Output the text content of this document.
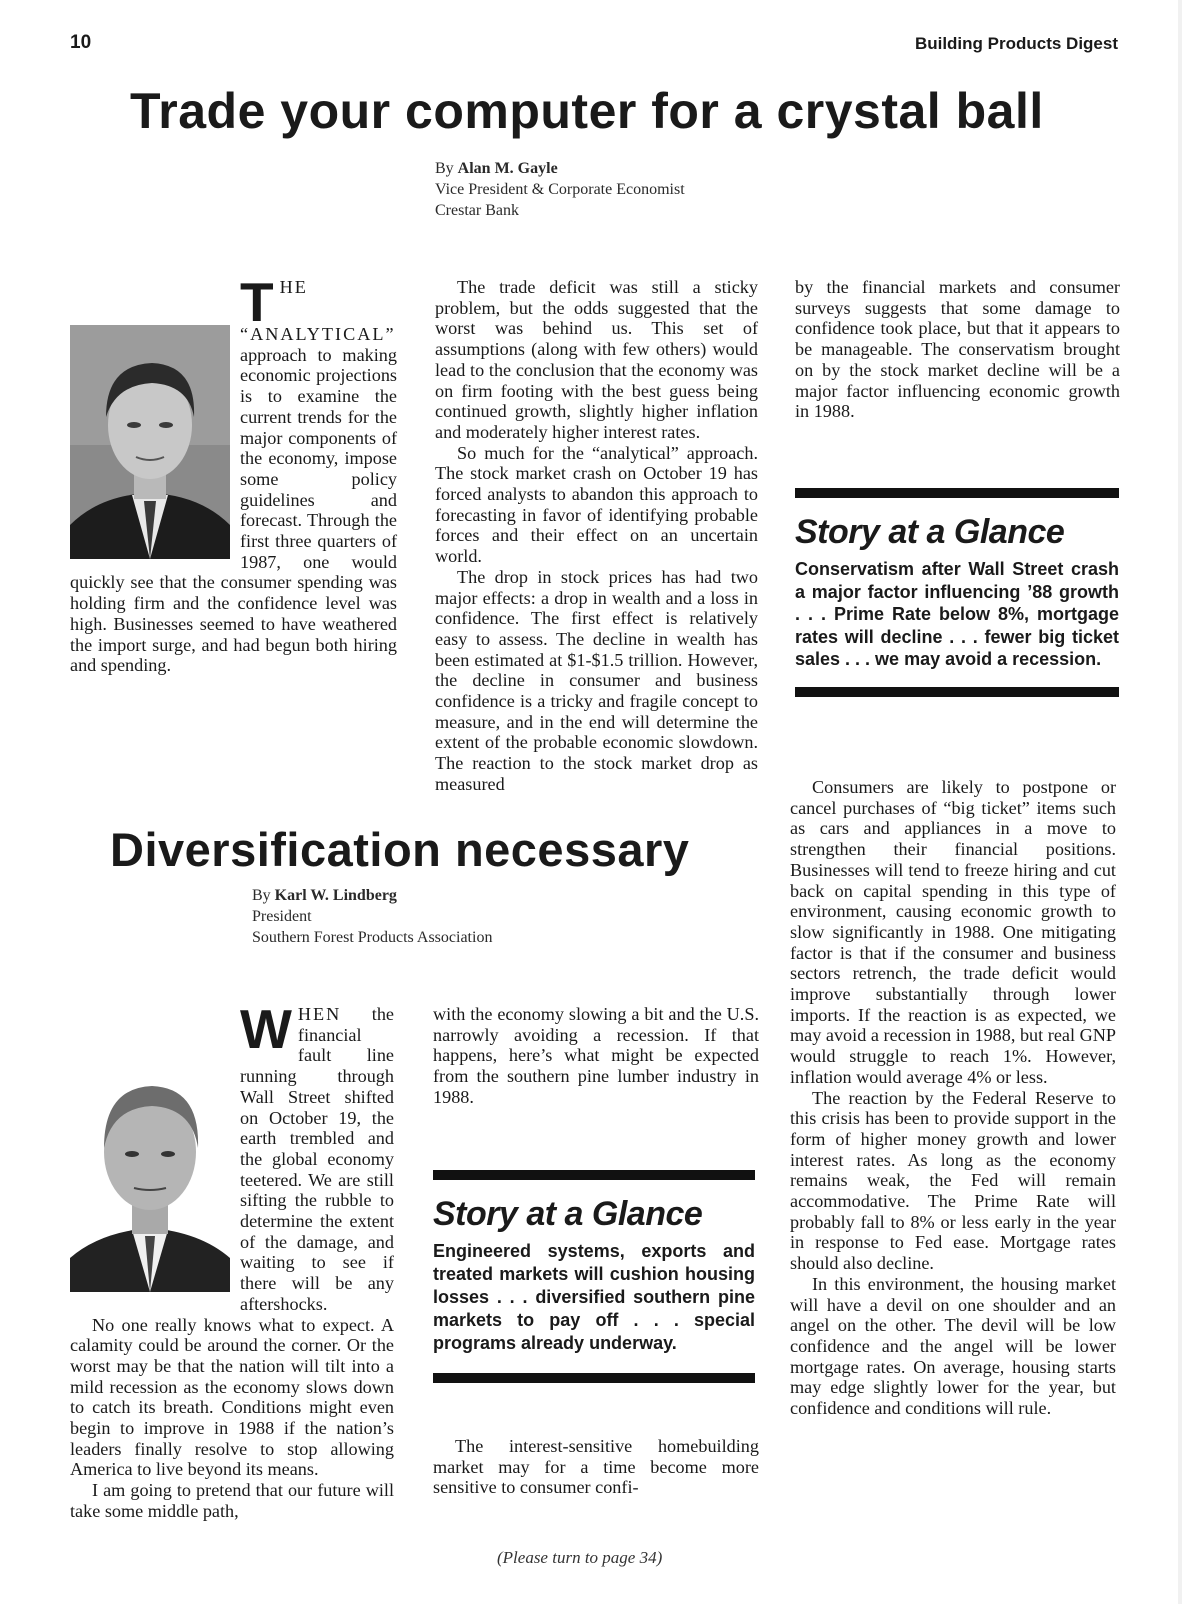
10	Building Products Digest
Trade your computer for a crystal ball
By Alan M. Gayle
Vice President & Corporate Economist
Crestar Bank

T HE “ANALYTICAL” approach to making economic projections is to examine the current trends for the major components of the economy, impose some policy guidelines and forecast. Through the first three quarters of 1987, one would quickly see that the consumer spending was holding firm and the confidence level was high. Businesses seemed to have weathered the import surge, and had begun both hiring and spending.

The trade deficit was still a sticky problem, but the odds suggested that the worst was behind us. This set of assumptions (along with few others) would lead to the conclusion that the economy was on firm footing with the best guess being continued growth, slightly higher inflation and moderately higher interest rates.

So much for the “analytical” approach. The stock market crash on October 19 has forced analysts to abandon this approach to forecasting in favor of identifying probable forces and their effect on an uncertain world.

The drop in stock prices has had two major effects: a drop in wealth and a loss in confidence. The first effect is relatively easy to assess. The decline in wealth has been estimated at $1-$1.5 trillion. However, the decline in consumer and business confidence is a tricky and fragile concept to measure, and in the end will determine the extent of the probable economic slowdown. The reaction to the stock market drop as measured

by the financial markets and consumer surveys suggests that some damage to confidence took place, but that it appears to be manageable. The conservatism brought on by the stock market decline will be a major factor influencing economic growth in 1988.

Story at a Glance

Conservatism after Wall Street crash a major factor influencing ’88 growth . . . Prime Rate below 8%, mortgage rates will decline . . . fewer big ticket sales . . . we may avoid a recession.

Diversification necessary
By Karl W. Lindberg
President
Southern Forest Products Association

Consumers are likely to postpone or cancel purchases of “big ticket” items such as cars and appliances in a move to strengthen their financial positions. Businesses will tend to freeze hiring and cut back on capital spending in this type of environment, causing economic growth to slow significantly in 1988. One mitigating factor is that if the consumer and business sectors retrench, the trade deficit would improve substantially through lower imports. If the reaction is as expected, we may avoid a recession in 1988, but real GNP would struggle to reach 1%. However, inflation would average 4% or less.

The reaction by the Federal Reserve to this crisis has been to provide support in the form of higher money growth and lower interest rates. As long as the economy remains weak, the Fed will remain accommodative. The Prime Rate will probably fall to 8% or less early in the year in response to Fed ease. Mortgage rates should also decline.

In this environment, the housing market will have a devil on one shoulder and an angel on the other. The devil will be low confidence and the angel will be lower mortgage rates. On average, housing starts may edge slightly lower for the year, but confidence and conditions will rule.

W HEN the financial fault line running through Wall Street shifted on October 19, the earth trembled and the global economy teetered. We are still sifting the rubble to determine the extent of the damage, and waiting to see if there will be any aftershocks.

No one really knows what to expect. A calamity could be around the corner. Or the worst may be that the nation will tilt into a mild recession as the economy slows down to catch its breath. Conditions might even begin to improve in 1988 if the nation’s leaders finally resolve to stop allowing America to live beyond its means.

I am going to pretend that our future will take some middle path,

with the economy slowing a bit and the U.S. narrowly avoiding a recession. If that happens, here’s what might be expected from the southern pine lumber industry in 1988.

Story at a Glance

Engineered systems, exports and treated markets will cushion housing losses . . . diversified southern pine markets to pay off . . . special programs already underway.

The interest-sensitive homebuilding market may for a time become more sensitive to consumer confi-

(Please turn to page 34)
